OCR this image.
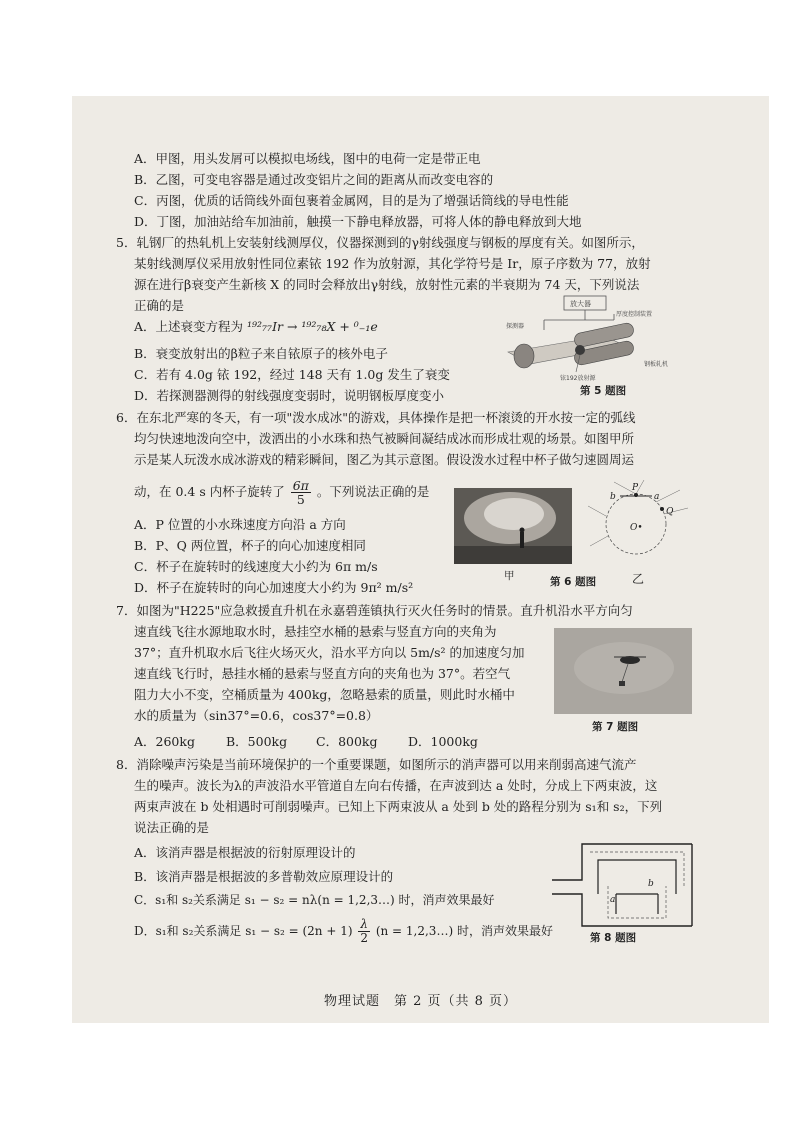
A．甲图，用头发屑可以模拟电场线，图中的电荷一定是带正电
B．乙图，可变电容器是通过改变铝片之间的距离从而改变电容的
C．丙图，优质的话筒线外面包裹着金属网，目的是为了增强话筒线的导电性能
D．丁图，加油站给车加油前，触摸一下静电释放器，可将人体的静电释放到大地
5．轧钢厂的热轧机上安装射线测厚仪，仪器探测到的γ射线强度与钢板的厚度有关。如图所示，
某射线测厚仪采用放射性同位素铱 192 作为放射源，其化学符号是 Ir，原子序数为 77，放射
源在进行β衰变产生新核 X 的同时会释放出γ射线，放射性元素的半衰期为 74 天，下列说法
正确的是
A．上述衰变方程为 ¹⁹²₇₇Ir → ¹⁹²₇₈X + ⁰₋₁e
B．衰变放射出的β粒子来自铱原子的核外电子
C．若有 4.0g 铱 192，经过 148 天有 1.0g 发生了衰变
D．若探测器测得的射线强度变弱时，说明钢板厚度变小
放大器
厚度控制装置
探测器
铱192放射源
钢板轧机
第 5 题图
6．在东北严寒的冬天，有一项"泼水成冰"的游戏，具体操作是把一杯滚烫的开水按一定的弧线
均匀快速地泼向空中，泼洒出的小水珠和热气被瞬间凝结成冰而形成壮观的场景。如图甲所
示是某人玩泼水成冰游戏的精彩瞬间，图乙为其示意图。假设泼水过程中杯子做匀速圆周运
动，在 0.4 s 内杯子旋转了 $\frac{6\pi}{5}$ 。下列说法正确的是
A．P 位置的小水珠速度方向沿 a 方向
B．P、Q 两位置，杯子的向心加速度相同
C．杯子在旋转时的线速度大小约为 6π m/s
D．杯子在旋转时的向心加速度大小约为 9π² m/s²
甲	第 6 题图
b
P
a
Q
O•
乙
7．如图为"H225"应急救援直升机在永嘉碧莲镇执行灭火任务时的情景。直升机沿水平方向匀
速直线飞往水源地取水时，悬挂空水桶的悬索与竖直方向的夹角为
37°；直升机取水后飞往火场灭火，沿水平方向以 5m/s² 的加速度匀加
速直线飞行时，悬挂水桶的悬索与竖直方向的夹角也为 37°。若空气
阻力大小不变，空桶质量为 400kg，忽略悬索的质量，则此时水桶中
水的质量为（sin37°=0.6，cos37°=0.8）
A．260kg B．500kg C．800kg D．1000kg
第 7 题图
8．消除噪声污染是当前环境保护的一个重要课题，如图所示的消声器可以用来削弱高速气流产
生的噪声。波长为λ的声波沿水平管道自左向右传播，在声波到达 a 处时，分成上下两束波，这
两束声波在 b 处相遇时可削弱噪声。已知上下两束波从 a 处到 b 处的路程分别为 s₁和 s₂，下列
说法正确的是
A．该消声器是根据波的衍射原理设计的
B．该消声器是根据波的多普勒效应原理设计的
C．s₁和 s₂关系满足 s₁ − s₂ = nλ(n = 1,2,3…) 时，消声效果最好
D．s₁和 s₂关系满足 $s_1 - s_2 = (2n + 1) \frac{\lambda}{2} (n$ = 1,2,3…) 时，消声效果最好
a
b
第 8 题图
物理试题　第 2 页（共 8 页）
